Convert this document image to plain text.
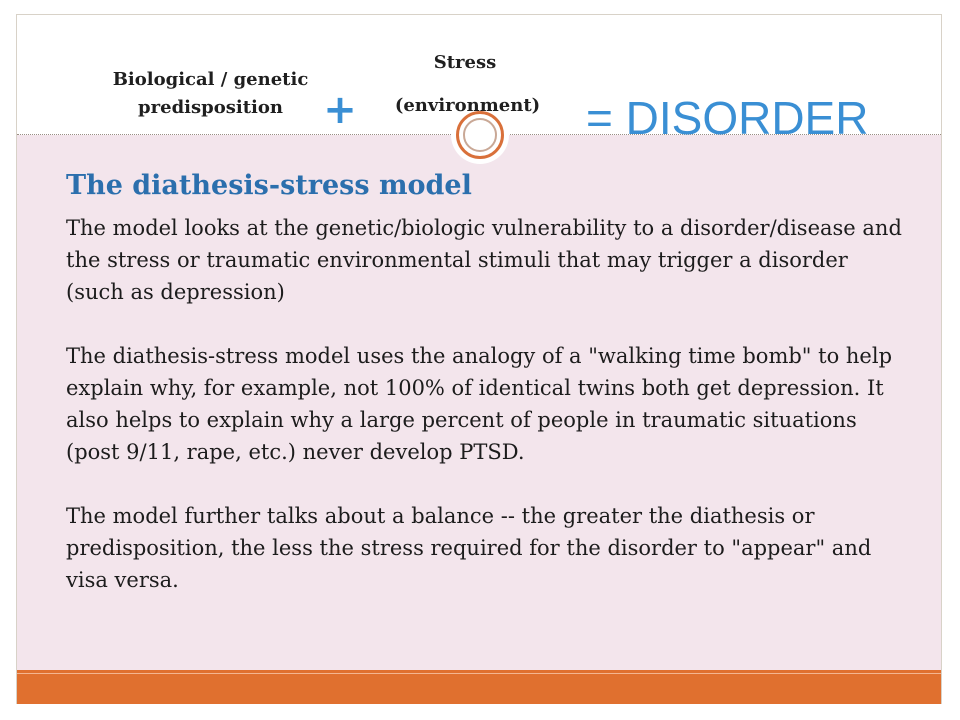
Biological / genetic predisposition
Stress
(environment)
+	= DISORDER
The diathesis-stress model

The model looks at the genetic/biologic vulnerability to a disorder/disease and the stress or traumatic environmental stimuli that may trigger a disorder (such as depression)

The diathesis-stress model uses the analogy of a "walking time bomb" to help explain why, for example, not 100% of identical twins both get depression. It also helps to explain why a large percent of people in traumatic situations (post 9/11, rape, etc.) never develop PTSD.

The model further talks about a balance -- the greater the diathesis or predisposition, the less the stress required for the disorder to "appear" and visa versa.
